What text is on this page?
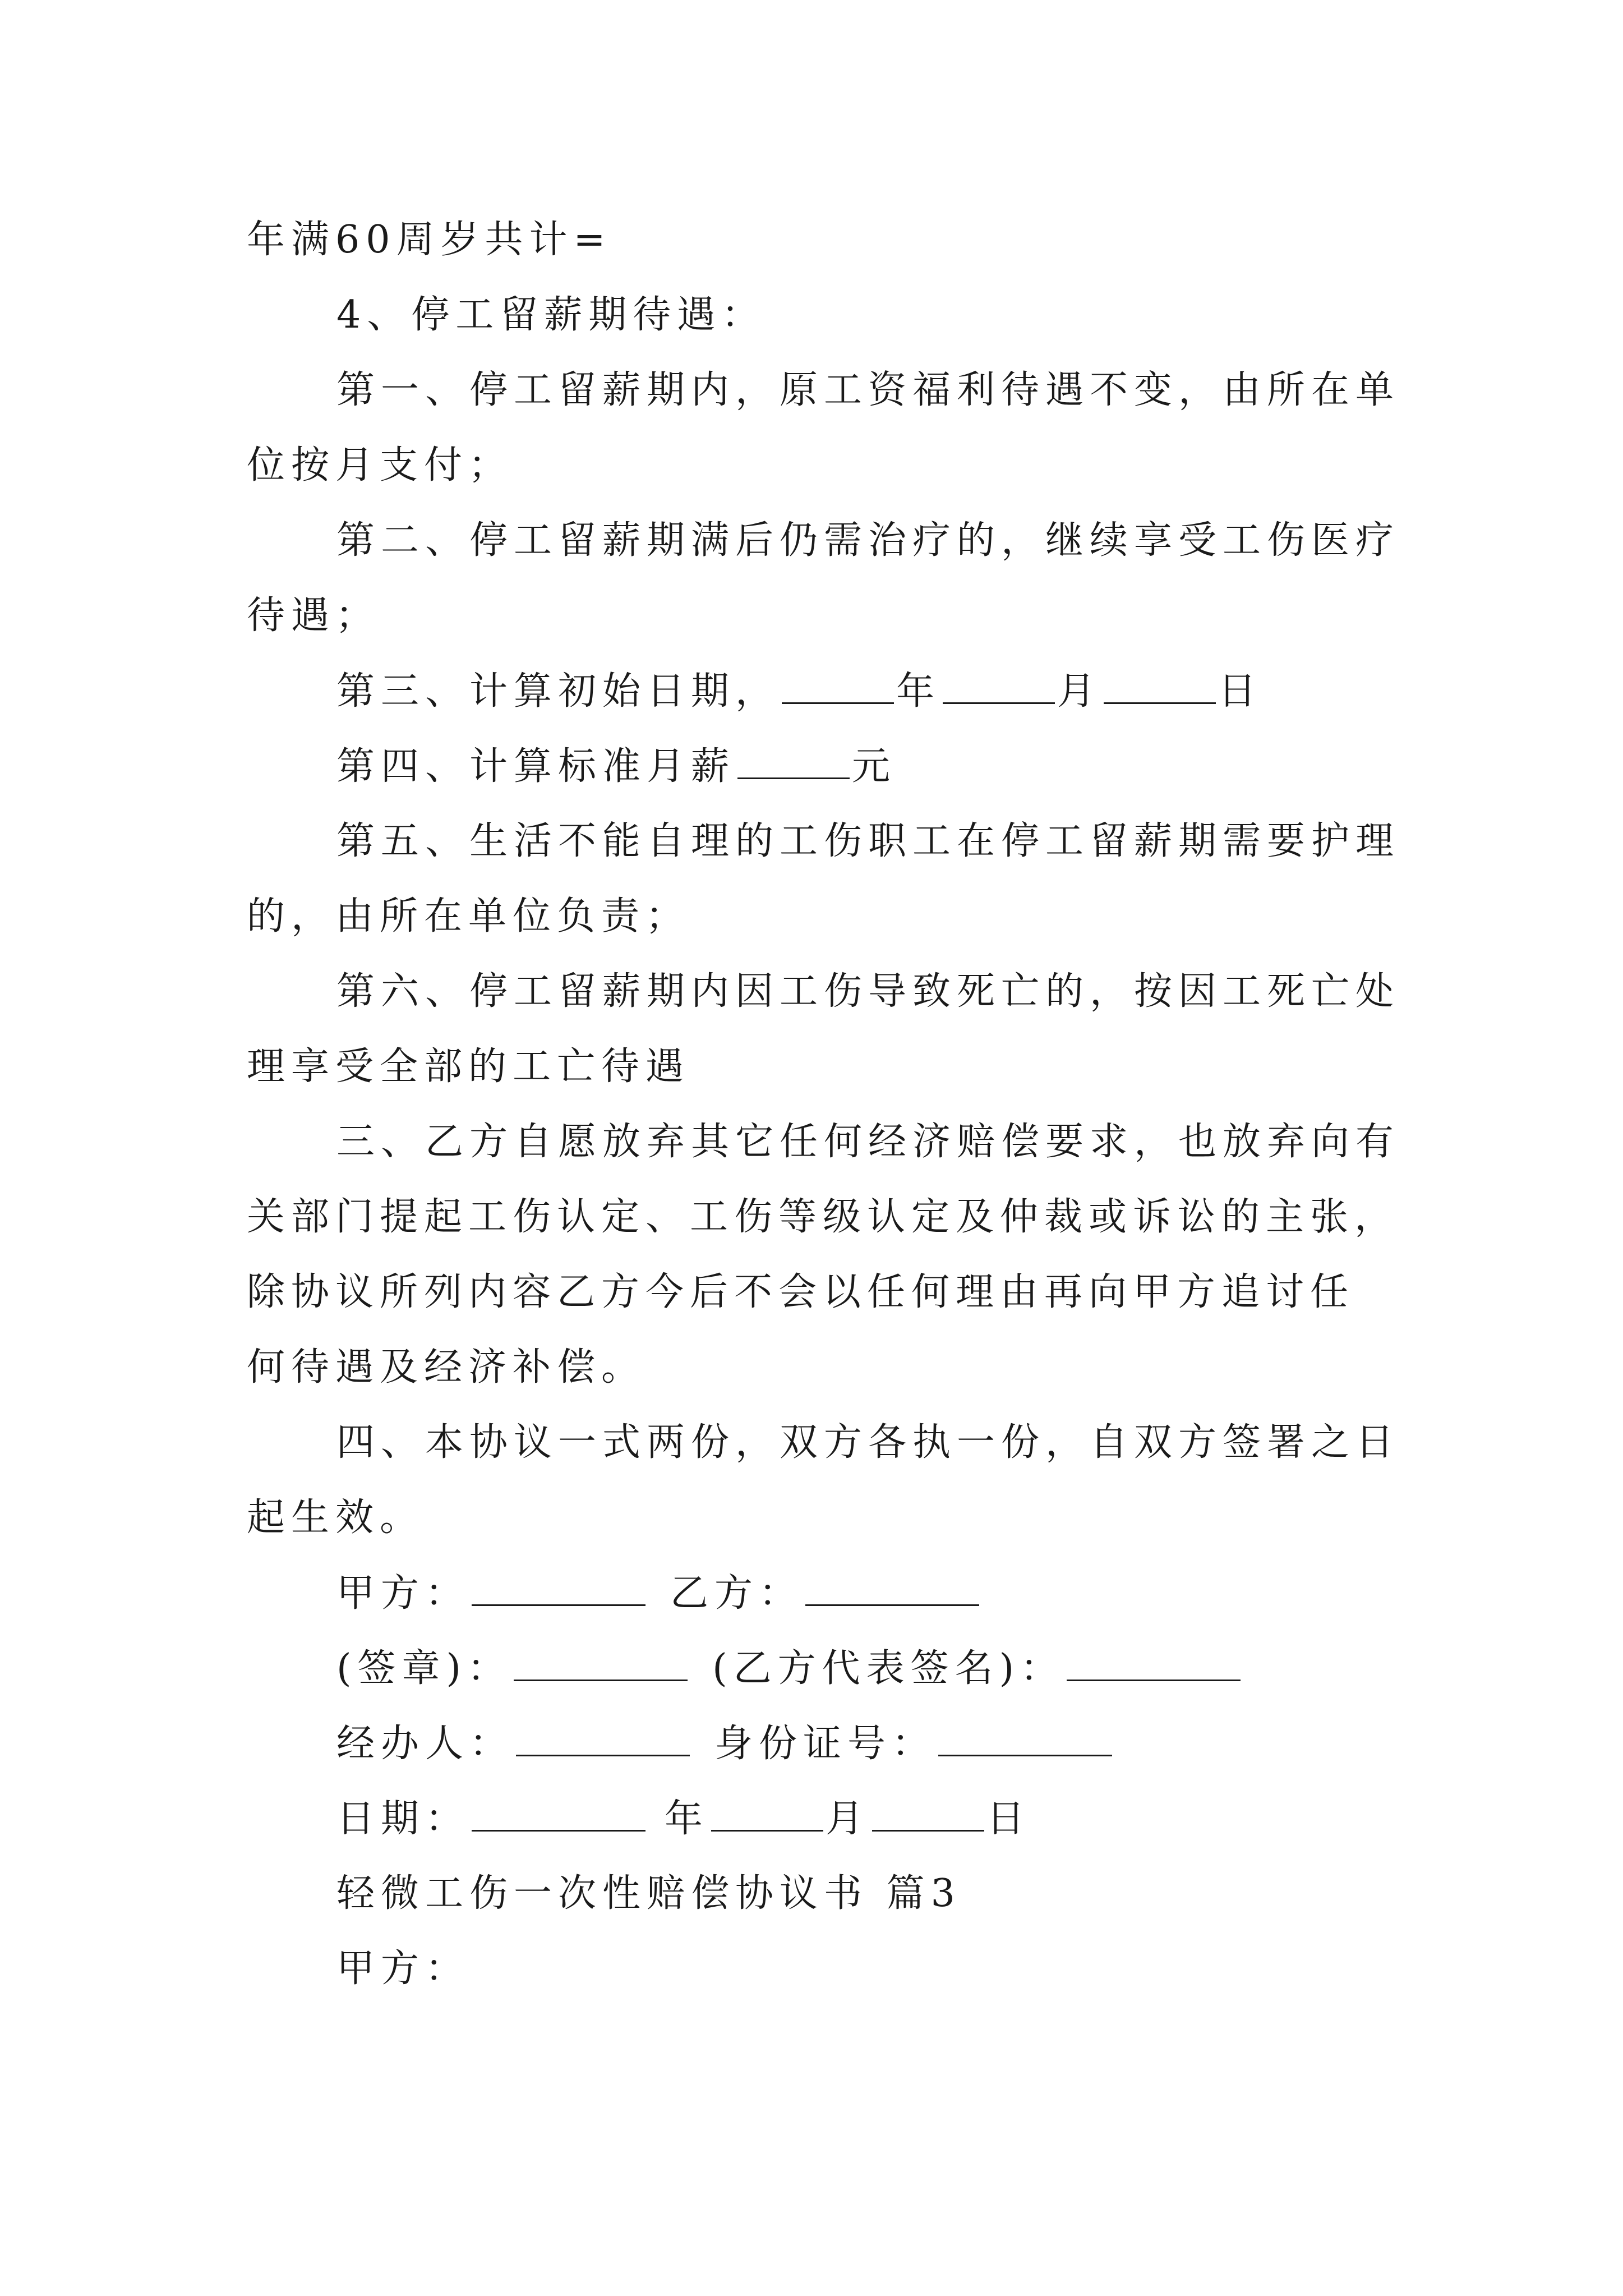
年满60周岁共计=
4、停工留薪期待遇：
第一、停工留薪期内，原工资福利待遇不变，由所在单
位按月支付；
第二、停工留薪期满后仍需治疗的，继续享受工伤医疗
待遇；
第三、计算初始日期，	年	月	日
第四、计算标准月薪	元
第五、生活不能自理的工伤职工在停工留薪期需要护理
的，由所在单位负责；
第六、停工留薪期内因工伤导致死亡的，按因工死亡处
理享受全部的工亡待遇
三、乙方自愿放弃其它任何经济赔偿要求，也放弃向有
关部门提起工伤认定、工伤等级认定及仲裁或诉讼的主张，
除协议所列内容乙方今后不会以任何理由再向甲方追讨任
何待遇及经济补偿。
四、本协议一式两份，双方各执一份，自双方签署之日
起生效。
甲方：	乙方：
(签章)：	(乙方代表签名)：
经办人：	身份证号：
日期：	年	月	日
轻微工伤一次性赔偿协议书 篇3
甲方：
